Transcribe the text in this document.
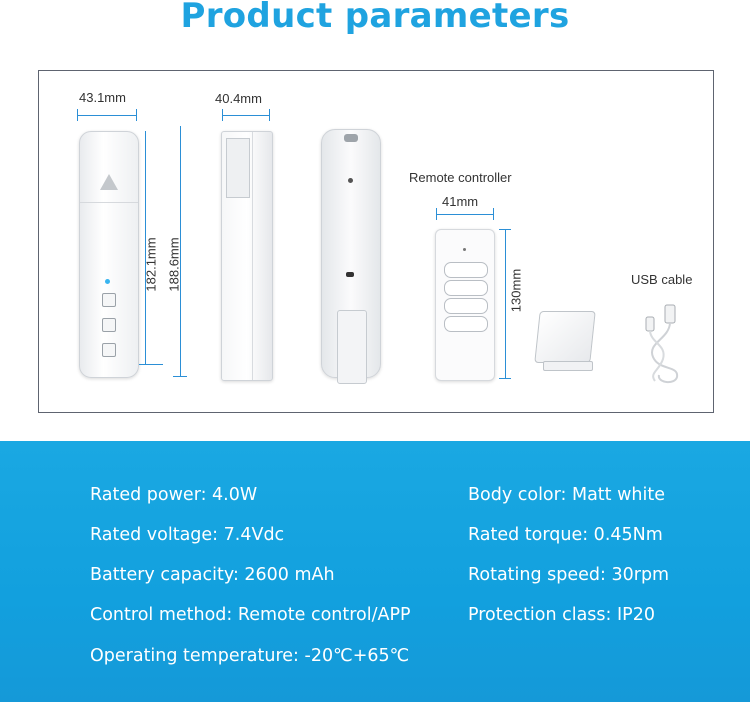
Product parameters
43.1mm
182.1mm 188.6mm
40.4mm
Remote controller
41mm
130mm	USB cable
Rated power: 4.0W
Rated voltage: 7.4Vdc
Battery capacity: 2600 mAh
Control method: Remote control/APP
Operating temperature: -20℃+65℃
Body color: Matt white
Rated torque: 0.45Nm
Rotating speed: 30rpm
Protection class: IP20
